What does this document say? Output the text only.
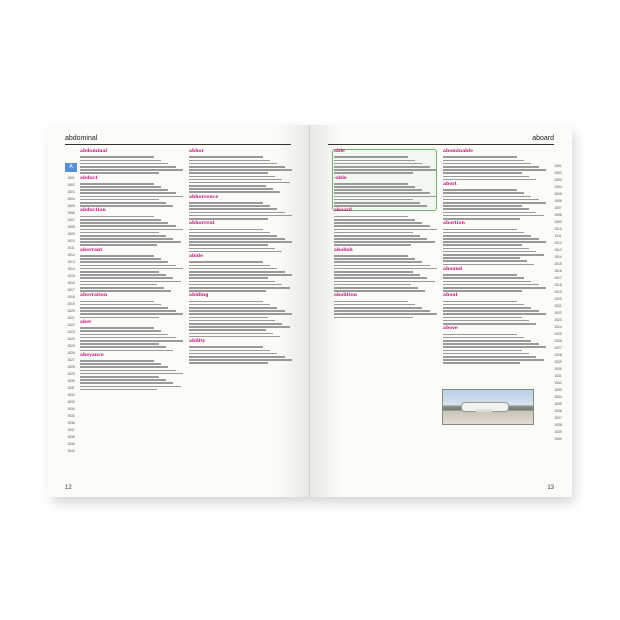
abdominal
A
1501
1502
1503
1504
1505
1506
1507
1508
1509
1510
1511
1512
1513
1514
1515
1516
1517
1518
1519
1520
1521
1522
1523
1524
1525
1526
1527
1528
1529
1530
1531
1532
1533
1534
1535
1536
1537
1538
1539
1540

abdominal

abduct

abduction

aberrant

aberration

abet

abeyance

abhor

abhorrence

abhorrent

abide

abiding

ability

12
aboard

able

-able

aboard

abolish

abolition

abominable

abort

abortion

abound

about

above

1501
1502
1503
1504
1505
1506
1507
1508
1509
1510
1511
1512
1513
1514
1515
1516
1517
1518
1519
1520
1521
1522
1523
1524
1525
1526
1527
1528
1529
1530
1531
1532
1533
1534
1535
1536
1537
1538
1539
1540
13
